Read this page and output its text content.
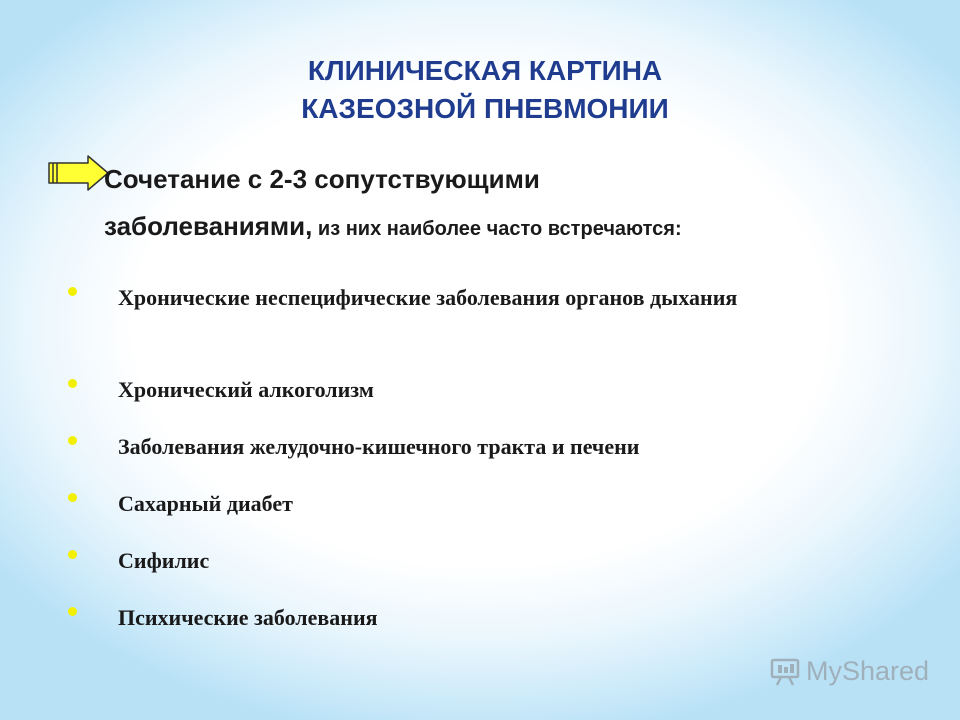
КЛИНИЧЕСКАЯ КАРТИНА
КАЗЕОЗНОЙ ПНЕВМОНИИ

Сочетание с 2-3 сопутствующими
заболеваниями, из них наиболее часто встречаются:

Хронические неспецифические заболевания органов дыхания
Хронический алкоголизм
Заболевания желудочно-кишечного тракта и печени
Сахарный диабет
Сифилис
Психические заболевания
MyShared
